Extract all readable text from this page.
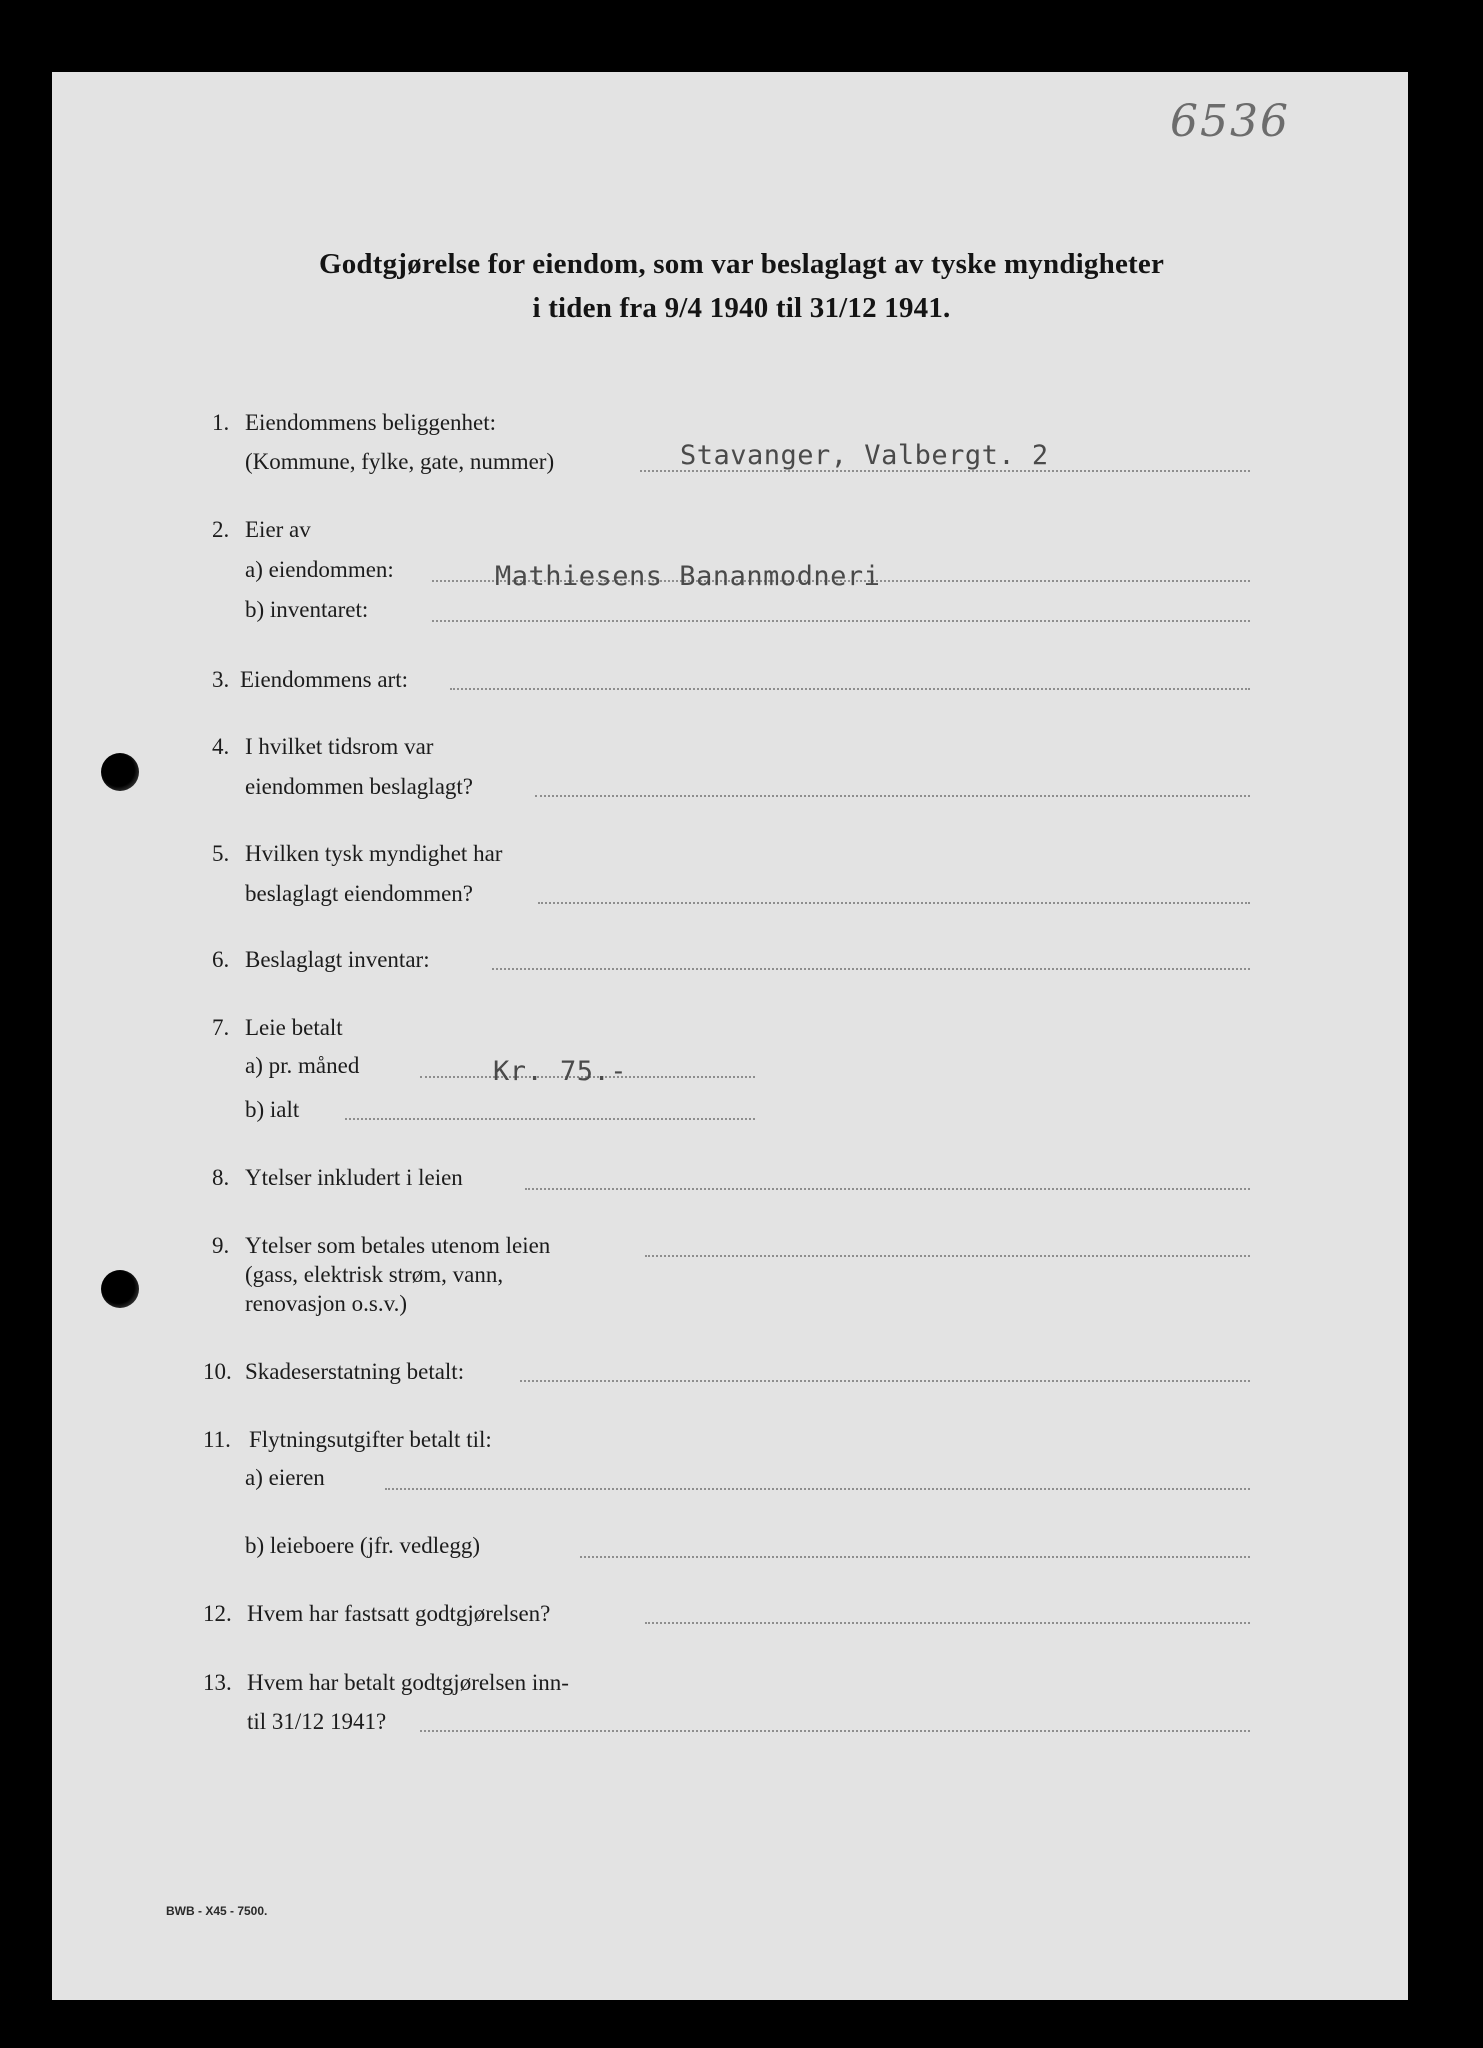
6536
Godtgjørelse for eiendom, som var beslaglagt av tyske myndigheter
i tiden fra 9/4 1940 til 31/12 1941.
1. Eiendommens beliggenhet:
(Kommune, fylke, gate, nummer)	Stavanger, Valbergt. 2
2. Eier av
a) eiendommen:	Mathiesens Bananmodneri
b) inventaret:
3. Eiendommens art:
4. I hvilket tidsrom var
eiendommen beslaglagt?
5. Hvilken tysk myndighet har
beslaglagt eiendommen?
6. Beslaglagt inventar:
7. Leie betalt
a) pr. måned	Kr. 75.-
b) ialt
8. Ytelser inkludert i leien
9. Ytelser som betales utenom leien
(gass, elektrisk strøm, vann,
renovasjon o.s.v.)
10. Skadeserstatning betalt:
11. Flytningsutgifter betalt til:
a) eieren
b) leieboere (jfr. vedlegg)
12. Hvem har fastsatt godtgjørelsen?
13. Hvem har betalt godtgjørelsen inn-
til 31/12 1941?
BWB - X45 - 7500.
